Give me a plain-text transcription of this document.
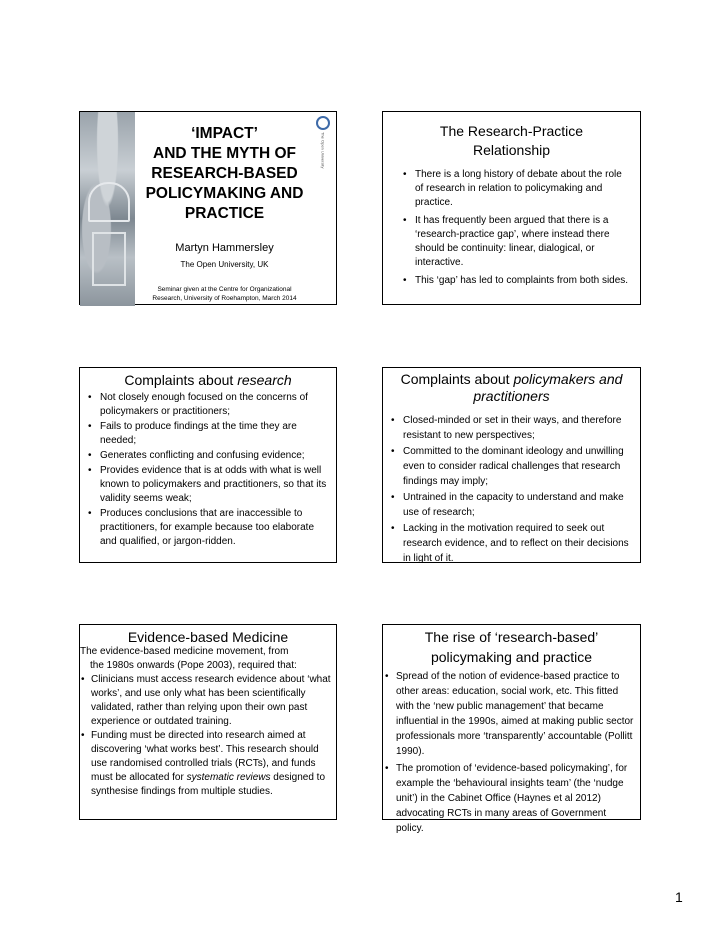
The Open University
‘IMPACT’
AND THE MYTH OF
RESEARCH-BASED
POLICYMAKING AND
PRACTICE
Martyn Hammersley
The Open University, UK
Seminar given at the Centre for Organizational
Research, University of Roehampton, March 2014
The Research-Practice
Relationship
• There is a long history of debate about the role of research in relation to policymaking and practice.
• It has frequently been argued that there is a ‘research-practice gap’, where instead there should be continuity: linear, dialogical, or interactive.
• This ‘gap’ has led to complaints from both sides.
Complaints about research
• Not closely enough focused on the concerns of policymakers or practitioners;
• Fails to produce findings at the time they are needed;
• Generates conflicting and confusing evidence;
• Provides evidence that is at odds with what is well known to policymakers and practitioners, so that its validity seems weak;
• Produces conclusions that are inaccessible to practitioners, for example because too elaborate and qualified, or jargon-ridden.
Complaints about policymakers and
practitioners
• Closed-minded or set in their ways, and therefore resistant to new perspectives;
• Committed to the dominant ideology and unwilling even to consider radical challenges that research findings may imply;
• Untrained in the capacity to understand and make use of research;
• Lacking in the motivation required to seek out research evidence, and to reflect on their decisions in light of it.
Evidence-based Medicine
The evidence-based medicine movement, from
the 1980s onwards (Pope 2003), required that:
• Clinicians must access research evidence about ‘what works’, and use only what has been scientifically validated, rather than relying upon their own past experience or outdated training.
• Funding must be directed into research aimed at discovering ‘what works best’. This research should use randomised controlled trials (RCTs), and funds must be allocated for systematic reviews designed to synthesise findings from multiple studies.
The rise of ‘research-based’
policymaking and practice
• Spread of the notion of evidence-based practice to other areas: education, social work, etc. This fitted with the ‘new public management’ that became influential in the 1990s, aimed at making public sector professionals more ‘transparently’ accountable (Pollitt 1990).
• The promotion of ‘evidence-based policymaking’, for example the ‘behavioural insights team’ (the ‘nudge unit’) in the Cabinet Office (Haynes et al 2012) advocating RCTs in many areas of Government policy.
1
